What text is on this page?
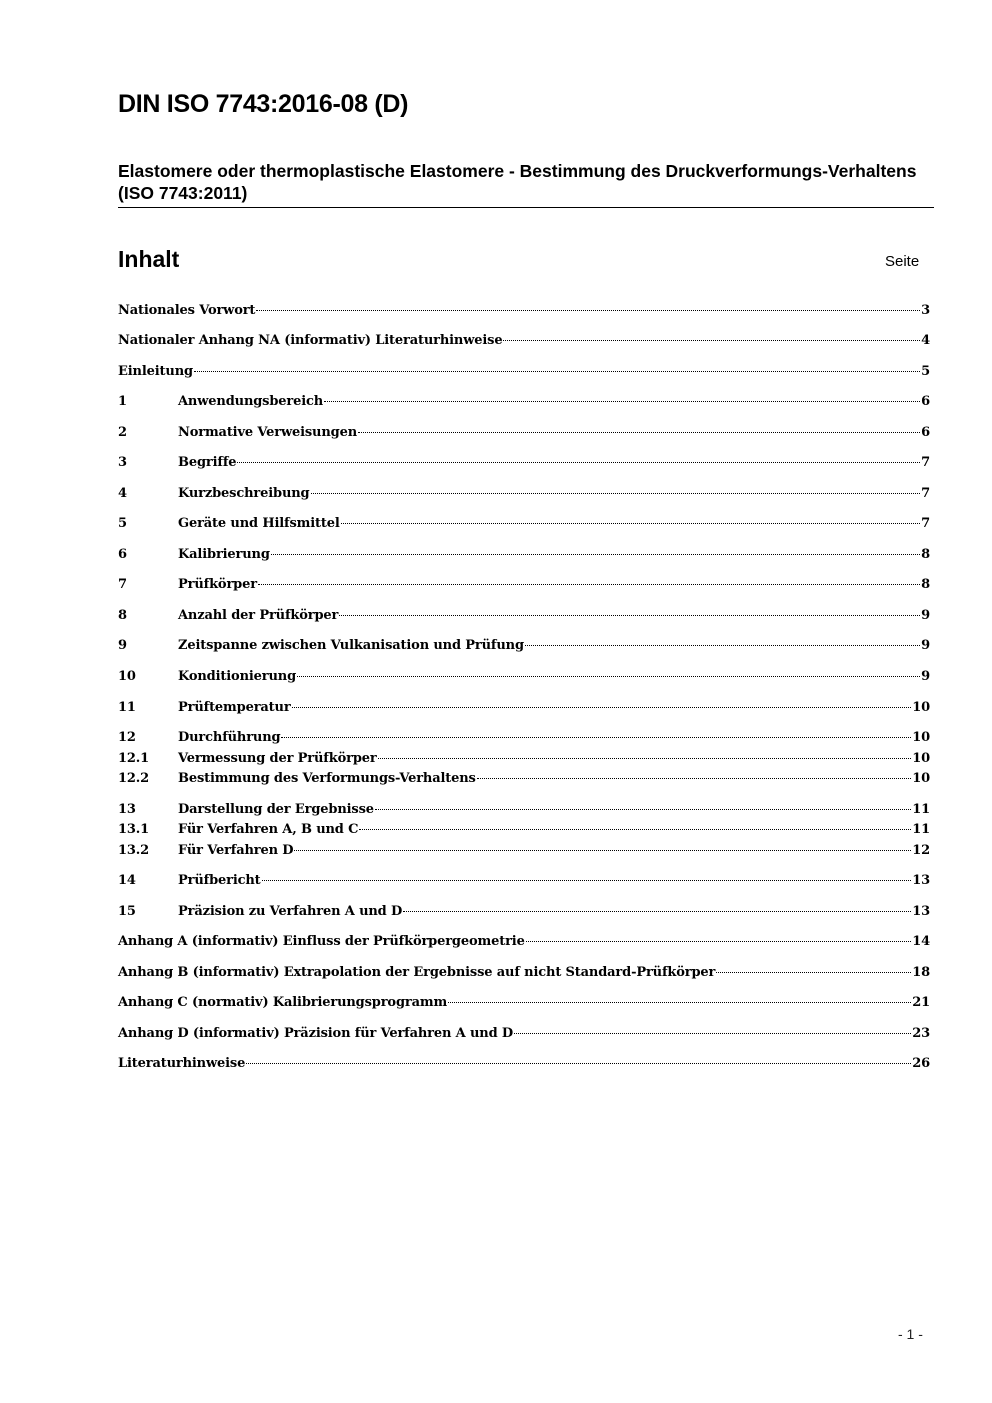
DIN ISO 7743:2016-08 (D)
Elastomere oder thermoplastische Elastomere - Bestimmung des Druckverformungs-Verhaltens (ISO 7743:2011)
Inhalt	Seite
Nationales Vorwort	3
Nationaler Anhang NA (informativ) Literaturhinweise	4
Einleitung	5
1	Anwendungsbereich	6
2	Normative Verweisungen	6
3	Begriffe	7
4	Kurzbeschreibung	7
5	Geräte und Hilfsmittel	7
6	Kalibrierung	8
7	Prüfkörper	8
8	Anzahl der Prüfkörper	9
9	Zeitspanne zwischen Vulkanisation und Prüfung	9
10	Konditionierung	9
11	Prüftemperatur	10
12	Durchführung	10
12.1	Vermessung der Prüfkörper	10
12.2	Bestimmung des Verformungs-Verhaltens	10
13	Darstellung der Ergebnisse	11
13.1	Für Verfahren A, B und C	11
13.2	Für Verfahren D	12
14	Prüfbericht	13
15	Präzision zu Verfahren A und D	13
Anhang A (informativ) Einfluss der Prüfkörpergeometrie	14
Anhang B (informativ) Extrapolation der Ergebnisse auf nicht Standard-Prüfkörper	18
Anhang C (normativ) Kalibrierungsprogramm	21
Anhang D (informativ) Präzision für Verfahren A und D	23
Literaturhinweise	26
- 1 -
